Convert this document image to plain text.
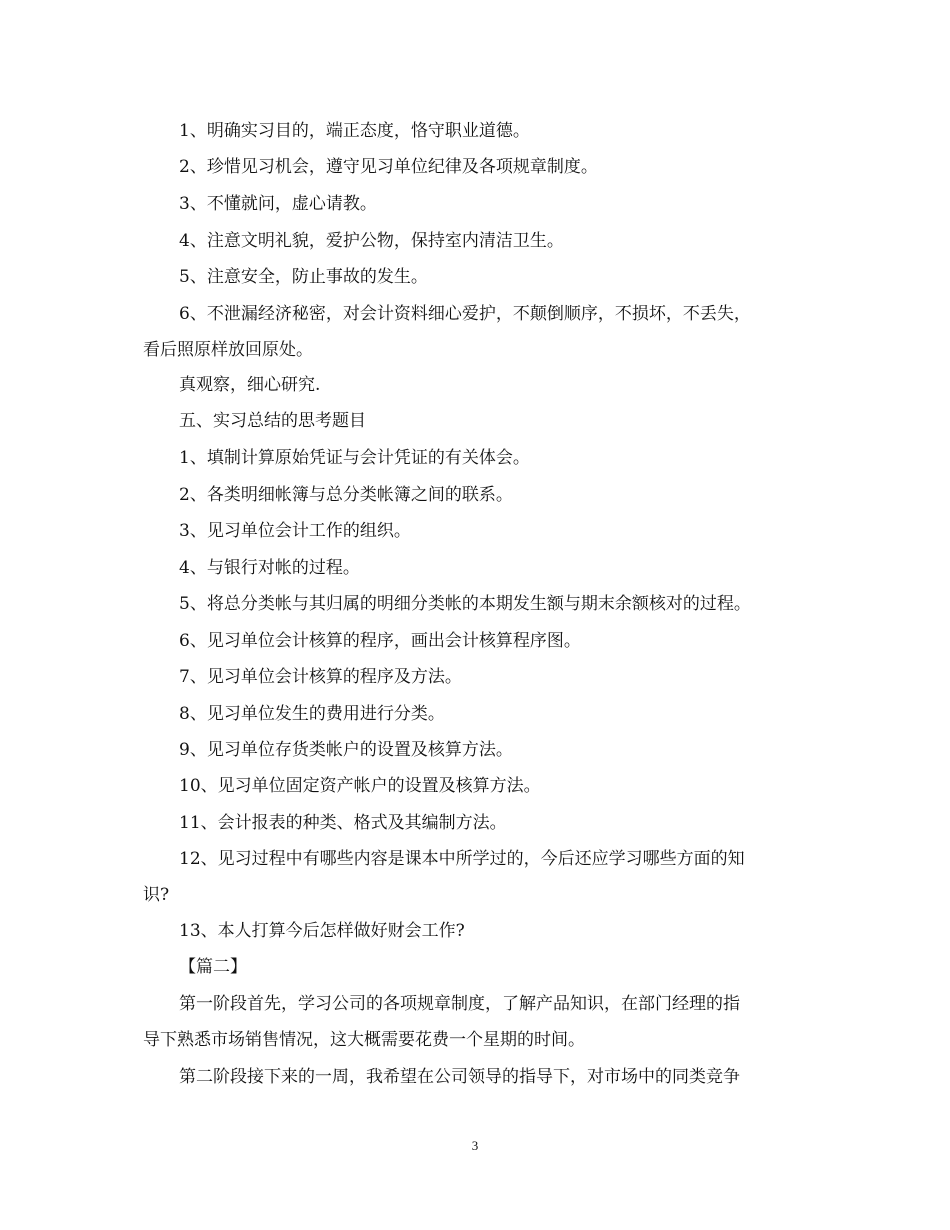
1、明确实习目的，端正态度，恪守职业道德。
2、珍惜见习机会，遵守见习单位纪律及各项规章制度。
3、不懂就问，虚心请教。
4、注意文明礼貌，爱护公物，保持室内清洁卫生。
5、注意安全，防止事故的发生。
6、不泄漏经济秘密，对会计资料细心爱护，不颠倒顺序，不损坏，不丢失，
看后照原样放回原处。
真观察，细心研究.
五、实习总结的思考题目
1、填制计算原始凭证与会计凭证的有关体会。
2、各类明细帐簿与总分类帐簿之间的联系。
3、见习单位会计工作的组织。
4、与银行对帐的过程。
5、将总分类帐与其归属的明细分类帐的本期发生额与期末余额核对的过程。
6、见习单位会计核算的程序，画出会计核算程序图。
7、见习单位会计核算的程序及方法。
8、见习单位发生的费用进行分类。
9、见习单位存货类帐户的设置及核算方法。
10、见习单位固定资产帐户的设置及核算方法。
11、会计报表的种类、格式及其编制方法。
12、见习过程中有哪些内容是课本中所学过的，今后还应学习哪些方面的知
识?
13、本人打算今后怎样做好财会工作?
【篇二】
第一阶段首先，学习公司的各项规章制度，了解产品知识，在部门经理的指
导下熟悉市场销售情况，这大概需要花费一个星期的时间。
第二阶段接下来的一周，我希望在公司领导的指导下，对市场中的同类竞争
3
